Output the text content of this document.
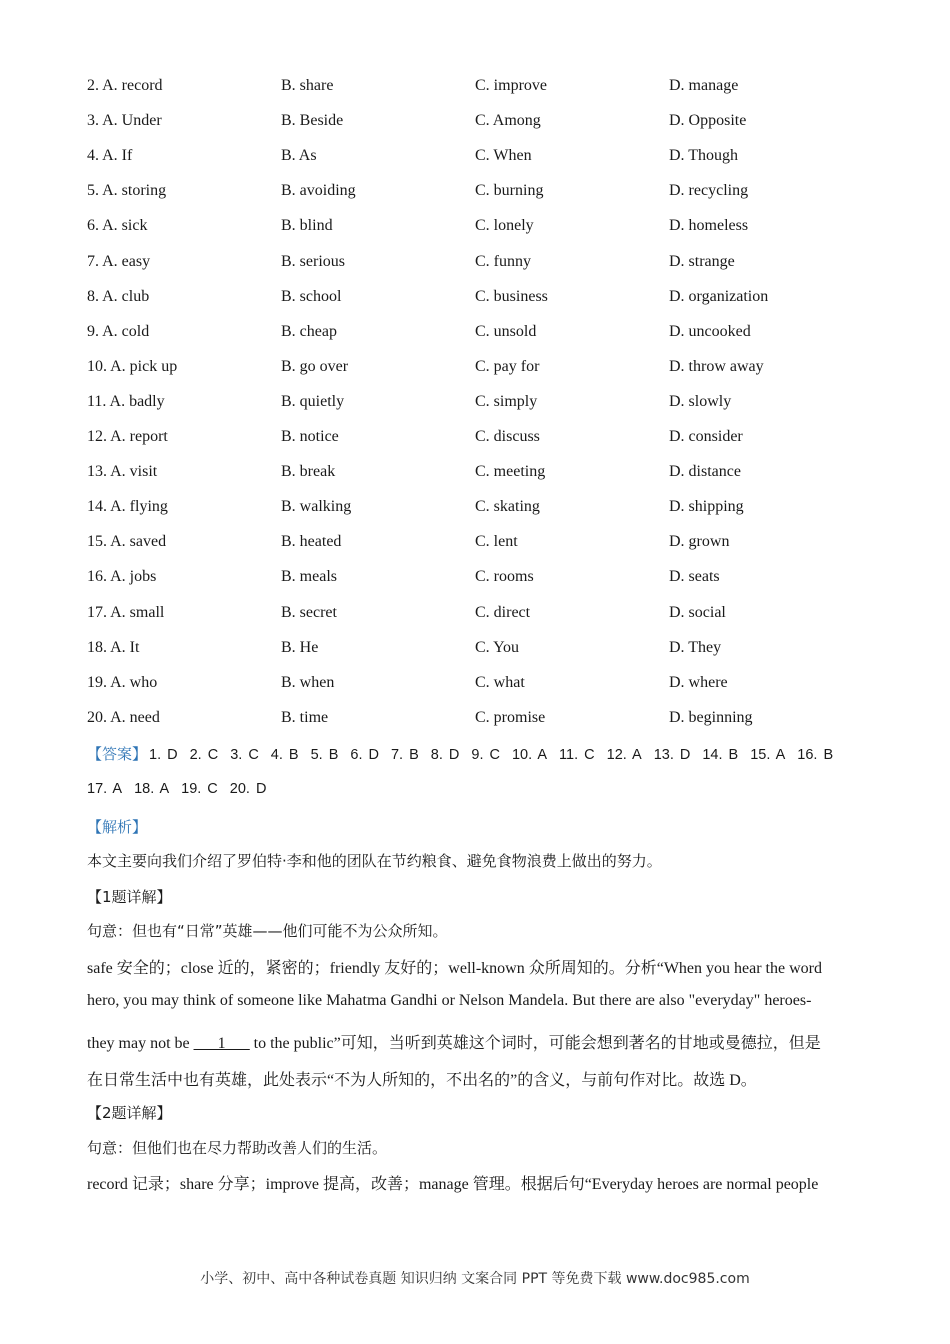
2. A. record	B. share	C. improve	D. manage
3. A. Under	B. Beside	C. Among	D. Opposite
4. A. If	B. As	C. When	D. Though
5. A. storing	B. avoiding	C. burning	D. recycling
6. A. sick	B. blind	C. lonely	D. homeless
7. A. easy	B. serious	C. funny	D. strange
8. A. club	B. school	C. business	D. organization
9. A. cold	B. cheap	C. unsold	D. uncooked
10. A. pick up	B. go over	C. pay for	D. throw away
11. A. badly	B. quietly	C. simply	D. slowly
12. A. report	B. notice	C. discuss	D. consider
13. A. visit	B. break	C. meeting	D. distance
14. A. flying	B. walking	C. skating	D. shipping
15. A. saved	B. heated	C. lent	D. grown
16. A. jobs	B. meals	C. rooms	D. seats
17. A. small	B. secret	C. direct	D. social
18. A. It	B. He	C. You	D. They
19. A. who	B. when	C. what	D. where
20. A. need	B. time	C. promise	D. beginning
【答案】 1. D 2. C 3. C 4. B 5. B 6. D 7. B 8. D 9. C 10. A 11. C 12. A 13. D 14. B 15. A 16. B
17. A 18. A 19. C 20. D
【解析】
本文主要向我们介绍了罗伯特·李和他的团队在节约粮食、避免食物浪费上做出的努力。
【1题详解】
句意：但也有“日常”英雄——他们可能不为公众所知。
safe 安全的；close 近的，紧密的；friendly 友好的；well-known 众所周知的。分析“When you hear the word
hero, you may think of someone like Mahatma Gandhi or Nelson Mandela. But there are also "everyday" heroes-
they may not be ___1___ to the public”可知，当听到英雄这个词时，可能会想到著名的甘地或曼德拉，但是
在日常生活中也有英雄，此处表示“不为人所知的，不出名的”的含义，与前句作对比。故选 D。
【2题详解】
句意：但他们也在尽力帮助改善人们的生活。
record 记录；share 分享；improve 提高，改善；manage 管理。根据后句“Everyday heroes are normal people
小学、初中、高中各种试卷真题 知识归纳 文案合同 PPT 等免费下载 www.doc985.com
